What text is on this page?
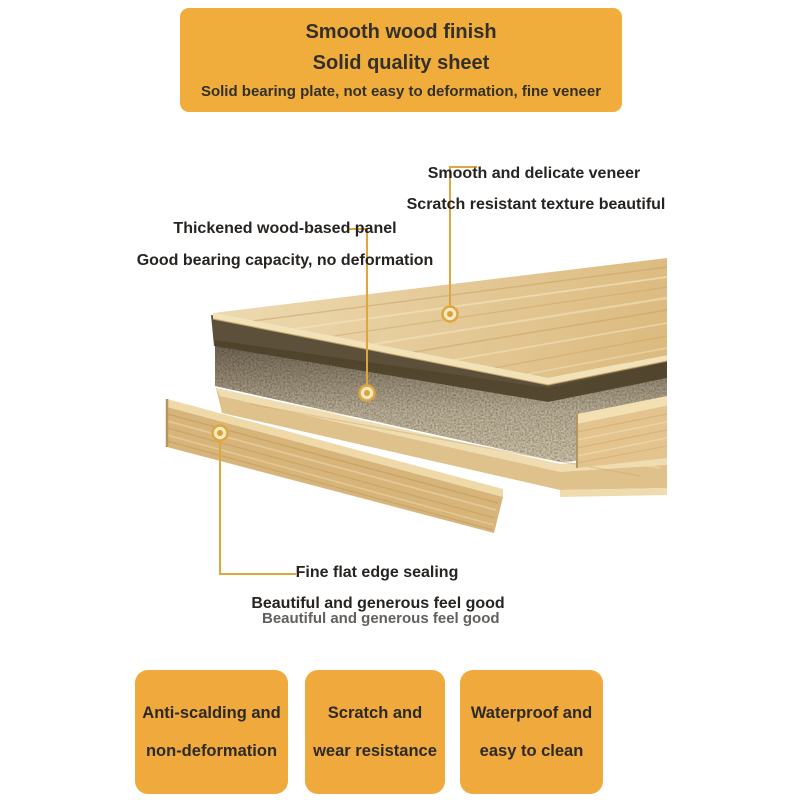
Smooth wood finish
Solid quality sheet
Solid bearing plate, not easy to deformation, fine veneer
Smooth and delicate veneer
Scratch resistant texture beautiful
Thickened wood-based panel
Good bearing capacity, no deformation
Fine flat edge sealing
Beautiful and generous feel good
Beautiful and generous feel good
Anti-scalding and
non-deformation
Scratch and
wear resistance
Waterproof and
easy to clean
